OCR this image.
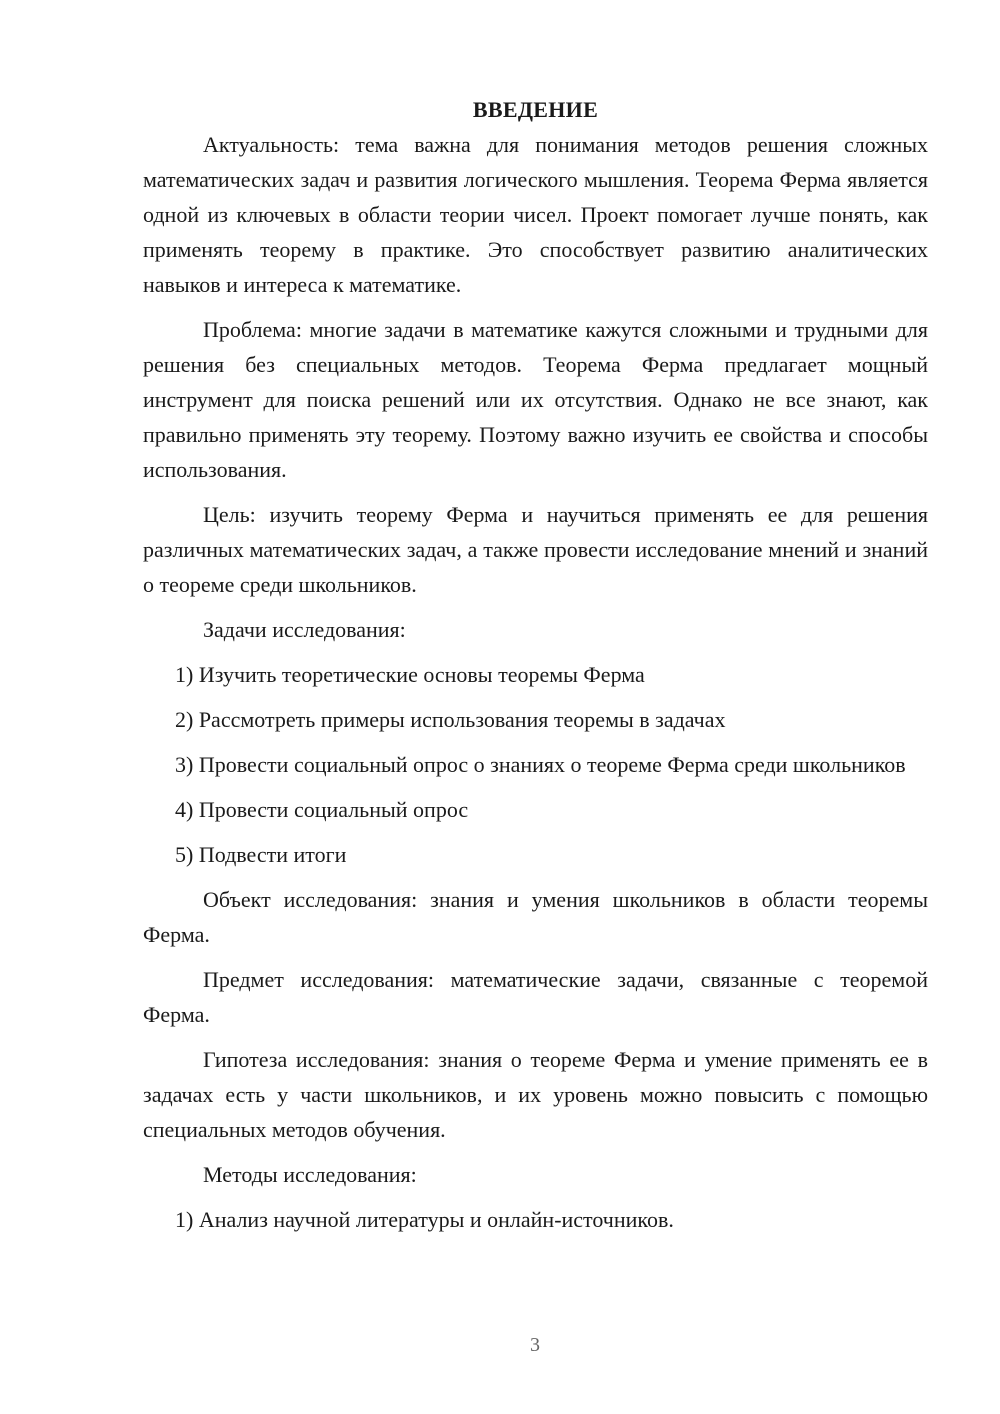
ВВЕДЕНИЕ

Актуальность: тема важна для понимания методов решения сложных математических задач и развития логического мышления. Теорема Ферма является одной из ключевых в области теории чисел. Проект помогает лучше понять, как применять теорему в практике. Это способствует развитию аналитических навыков и интереса к математике.

Проблема: многие задачи в математике кажутся сложными и трудными для решения без специальных методов. Теорема Ферма предлагает мощный инструмент для поиска решений или их отсутствия. Однако не все знают, как правильно применять эту теорему. Поэтому важно изучить ее свойства и способы использования.

Цель: изучить теорему Ферма и научиться применять ее для решения различных математических задач, а также провести исследование мнений и знаний о теореме среди школьников.

Задачи исследования:

1) Изучить теоретические основы теоремы Ферма

2) Рассмотреть примеры использования теоремы в задачах

3) Провести социальный опрос о знаниях о теореме Ферма среди школьников

4) Провести социальный опрос

5) Подвести итоги

Объект исследования: знания и умения школьников в области теоремы Ферма.

Предмет исследования: математические задачи, связанные с теоремой Ферма.

Гипотеза исследования: знания о теореме Ферма и умение применять ее в задачах есть у части школьников, и их уровень можно повысить с помощью специальных методов обучения.

Методы исследования:

1) Анализ научной литературы и онлайн-источников.

3
